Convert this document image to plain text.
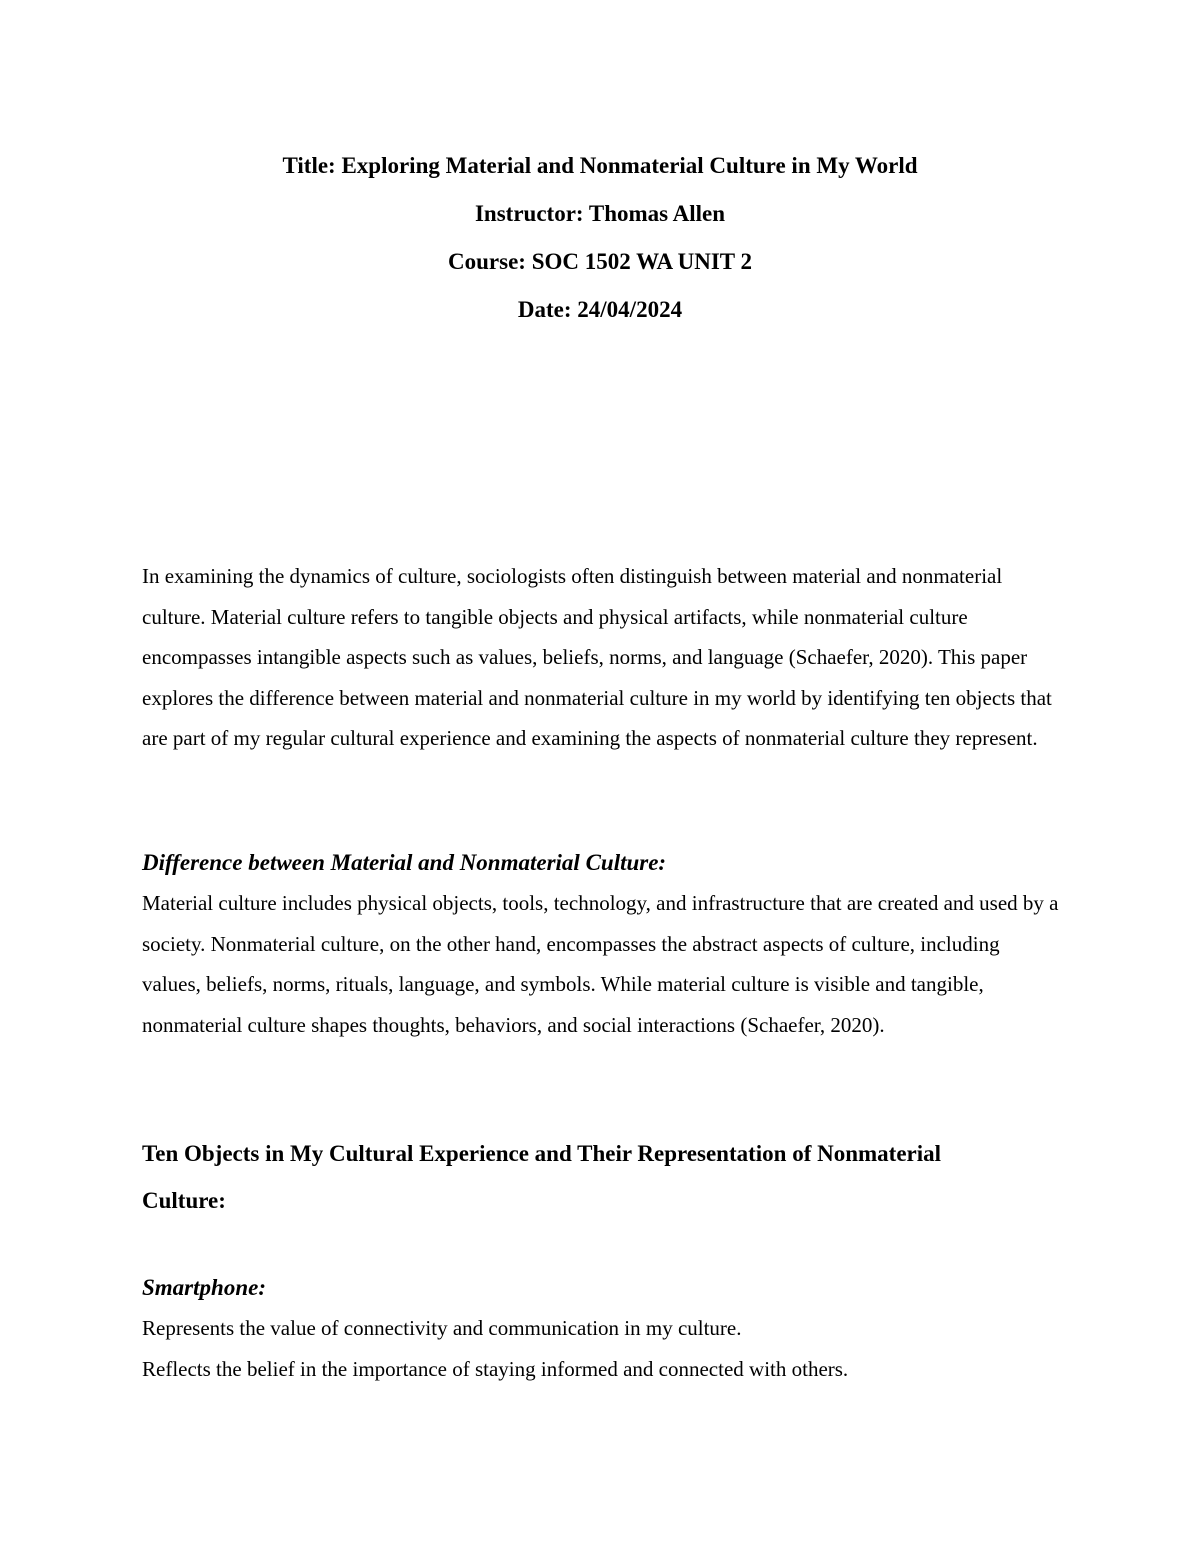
Title: Exploring Material and Nonmaterial Culture in My World
Instructor: Thomas Allen
Course: SOC 1502 WA UNIT 2
Date: 24/04/2024

In examining the dynamics of culture, sociologists often distinguish between material and nonmaterial culture. Material culture refers to tangible objects and physical artifacts, while nonmaterial culture encompasses intangible aspects such as values, beliefs, norms, and language (Schaefer, 2020). This paper explores the difference between material and nonmaterial culture in my world by identifying ten objects that are part of my regular cultural experience and examining the aspects of nonmaterial culture they represent.

Difference between Material and Nonmaterial Culture:

Material culture includes physical objects, tools, technology, and infrastructure that are created and used by a society. Nonmaterial culture, on the other hand, encompasses the abstract aspects of culture, including values, beliefs, norms, rituals, language, and symbols. While material culture is visible and tangible, nonmaterial culture shapes thoughts, behaviors, and social interactions (Schaefer, 2020).

Ten Objects in My Cultural Experience and Their Representation of Nonmaterial Culture:

Smartphone:

Represents the value of connectivity and communication in my culture.

Reflects the belief in the importance of staying informed and connected with others.
